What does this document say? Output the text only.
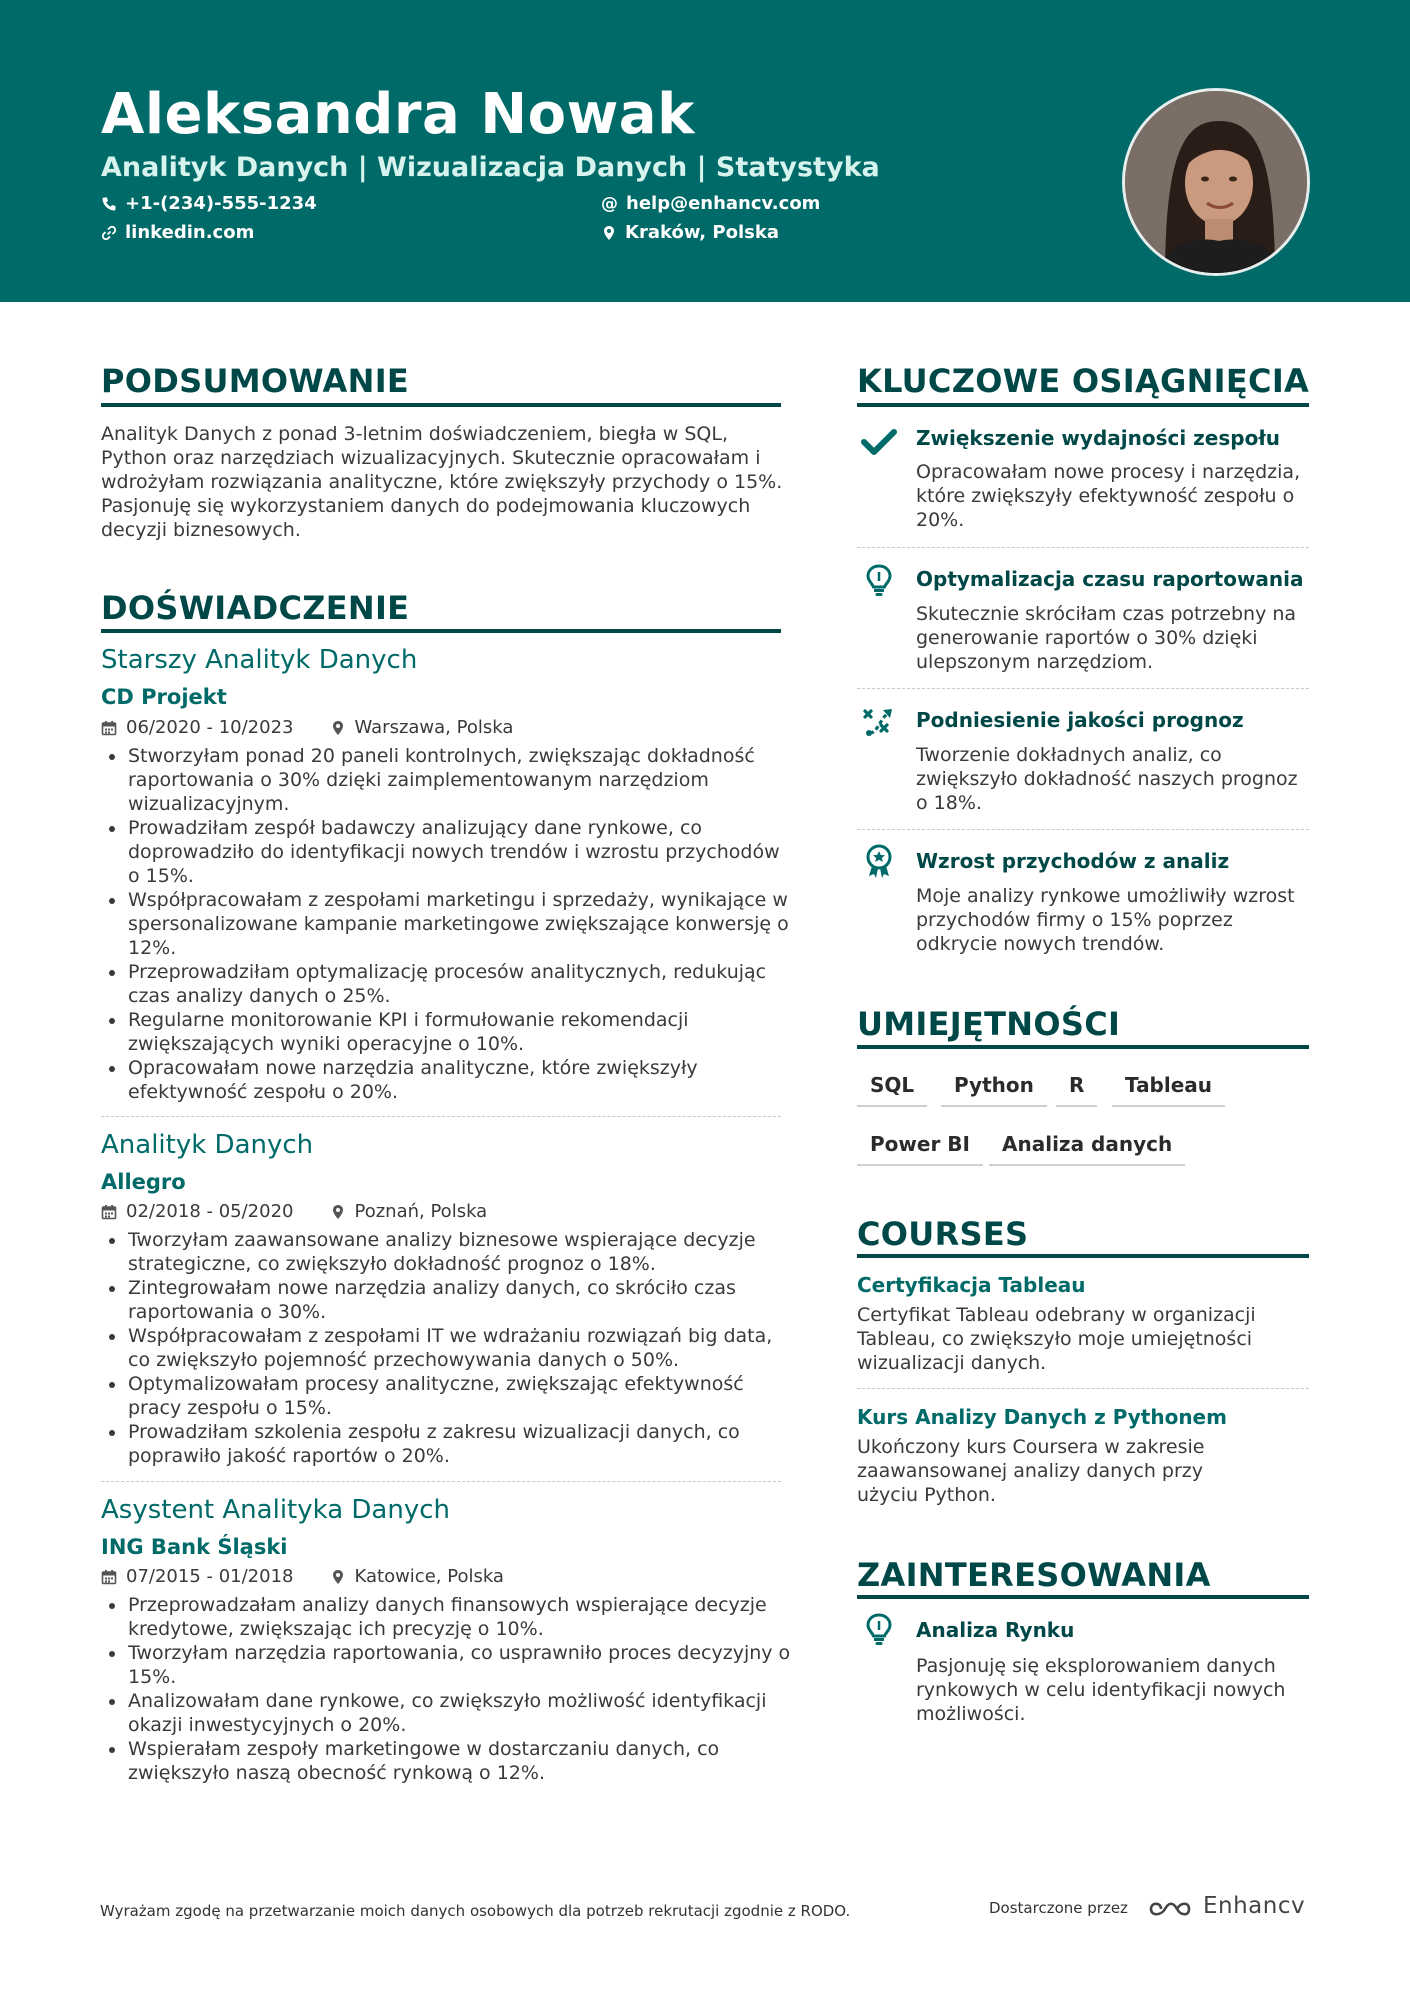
Aleksandra Nowak
Analityk Danych | Wizualizacja Danych | Statystyka
+1-(234)-555-1234	@ help@enhancv.com
linkedin.com	Kraków, Polska
PODSUMOWANIE
Analityk Danych z ponad 3-letnim doświadczeniem, biegła w SQL, Python oraz narzędziach wizualizacyjnych. Skutecznie opracowałam i wdrożyłam rozwiązania analityczne, które zwiększyły przychody o 15%. Pasjonuję się wykorzystaniem danych do podejmowania kluczowych decyzji biznesowych.
DOŚWIADCZENIE
Starszy Analityk Danych
CD Projekt
06/2020 - 10/2023	Warszawa, Polska
Stworzyłam ponad 20 paneli kontrolnych, zwiększając dokładność raportowania o 30% dzięki zaimplementowanym narzędziom wizualizacyjnym.
Prowadziłam zespół badawczy analizujący dane rynkowe, co doprowadziło do identyfikacji nowych trendów i wzrostu przychodów o 15%.
Współpracowałam z zespołami marketingu i sprzedaży, wynikające w spersonalizowane kampanie marketingowe zwiększające konwersję o 12%.
Przeprowadziłam optymalizację procesów analitycznych, redukując czas analizy danych o 25%.
Regularne monitorowanie KPI i formułowanie rekomendacji zwiększających wyniki operacyjne o 10%.
Opracowałam nowe narzędzia analityczne, które zwiększyły efektywność zespołu o 20%.
Analityk Danych
Allegro
02/2018 - 05/2020	Poznań, Polska
Tworzyłam zaawansowane analizy biznesowe wspierające decyzje strategiczne, co zwiększyło dokładność prognoz o 18%.
Zintegrowałam nowe narzędzia analizy danych, co skróciło czas raportowania o 30%.
Współpracowałam z zespołami IT we wdrażaniu rozwiązań big data, co zwiększyło pojemność przechowywania danych o 50%.
Optymalizowałam procesy analityczne, zwiększając efektywność pracy zespołu o 15%.
Prowadziłam szkolenia zespołu z zakresu wizualizacji danych, co poprawiło jakość raportów o 20%.
Asystent Analityka Danych
ING Bank Śląski
07/2015 - 01/2018	Katowice, Polska
Przeprowadzałam analizy danych finansowych wspierające decyzje kredytowe, zwiększając ich precyzję o 10%.
Tworzyłam narzędzia raportowania, co usprawniło proces decyzyjny o 15%.
Analizowałam dane rynkowe, co zwiększyło możliwość identyfikacji okazji inwestycyjnych o 20%.
Wspierałam zespoły marketingowe w dostarczaniu danych, co zwiększyło naszą obecność rynkową o 12%.
KLUCZOWE OSIĄGNIĘCIA
Zwiększenie wydajności zespołu
Opracowałam nowe procesy i narzędzia, które zwiększyły efektywność zespołu o 20%.
Optymalizacja czasu raportowania
Skutecznie skróciłam czas potrzebny na generowanie raportów o 30% dzięki ulepszonym narzędziom.
Podniesienie jakości prognoz
Tworzenie dokładnych analiz, co zwiększyło dokładność naszych prognoz o 18%.
Wzrost przychodów z analiz
Moje analizy rynkowe umożliwiły wzrost przychodów firmy o 15% poprzez odkrycie nowych trendów.
UMIEJĘTNOŚCI
SQL	Python	R	Tableau
Power BI	Analiza danych
COURSES
Certyfikacja Tableau
Certyfikat Tableau odebrany w organizacji Tableau, co zwiększyło moje umiejętności wizualizacji danych.
Kurs Analizy Danych z Pythonem
Ukończony kurs Coursera w zakresie zaawansowanej analizy danych przy użyciu Python.
ZAINTERESOWANIA
Analiza Rynku
Pasjonuję się eksplorowaniem danych rynkowych w celu identyfikacji nowych możliwości.
Wyrażam zgodę na przetwarzanie moich danych osobowych dla potrzeb rekrutacji zgodnie z RODO.	Dostarczone przez	Enhancv
